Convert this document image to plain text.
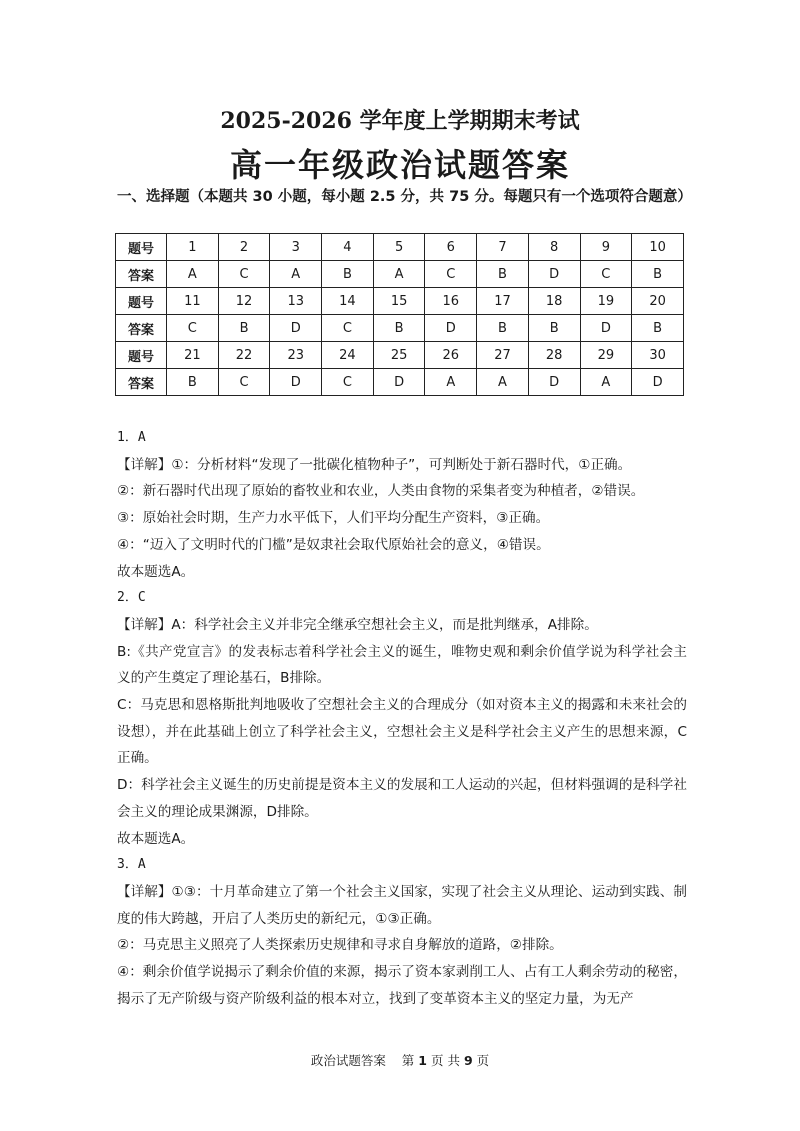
2025-2026 学年度上学期期末考试
高一年级政治试题答案
一、选择题（本题共 30 小题，每小题 2.5 分，共 75 分。每题只有一个选项符合题意）
题号	1	2	3	4	5	6	7	8	9	10
答案	A	C	A	B	A	C	B	D	C	B
题号	11	12	13	14	15	16	17	18	19	20
答案	C	B	D	C	B	D	B	B	D	B
题号	21	22	23	24	25	26	27	28	29	30
答案	B	C	D	C	D	A	A	D	A	D
1．A
【详解】①：分析材料“发现了一批碳化植物种子”，可判断处于新石器时代，①正确。
②：新石器时代出现了原始的畜牧业和农业，人类由食物的采集者变为种植者，②错误。
③：原始社会时期，生产力水平低下，人们平均分配生产资料，③正确。
④：“迈入了文明时代的门槛”是奴隶社会取代原始社会的意义，④错误。
故本题选A。
2．C
【详解】A：科学社会主义并非完全继承空想社会主义，而是批判继承，A排除。
B:《共产党宣言》的发表标志着科学社会主义的诞生，唯物史观和剩余价值学说为科学社会主义的产生奠定了理论基石，B排除。
C：马克思和恩格斯批判地吸收了空想社会主义的合理成分（如对资本主义的揭露和未来社会的设想），并在此基础上创立了科学社会主义，空想社会主义是科学社会主义产生的思想来源，C正确。
D：科学社会主义诞生的历史前提是资本主义的发展和工人运动的兴起，但材料强调的是科学社会主义的理论成果渊源，D排除。
故本题选A。
3．A
【详解】①③：十月革命建立了第一个社会主义国家，实现了社会主义从理论、运动到实践、制度的伟大跨越，开启了人类历史的新纪元，①③正确。
②：马克思主义照亮了人类探索历史规律和寻求自身解放的道路，②排除。
④：剩余价值学说揭示了剩余价值的来源，揭示了资本家剥削工人、占有工人剩余劳动的秘密，揭示了无产阶级与资产阶级利益的根本对立，找到了变革资本主义的坚定力量，为无产
政治试题答案 第 1 页 共 9 页
